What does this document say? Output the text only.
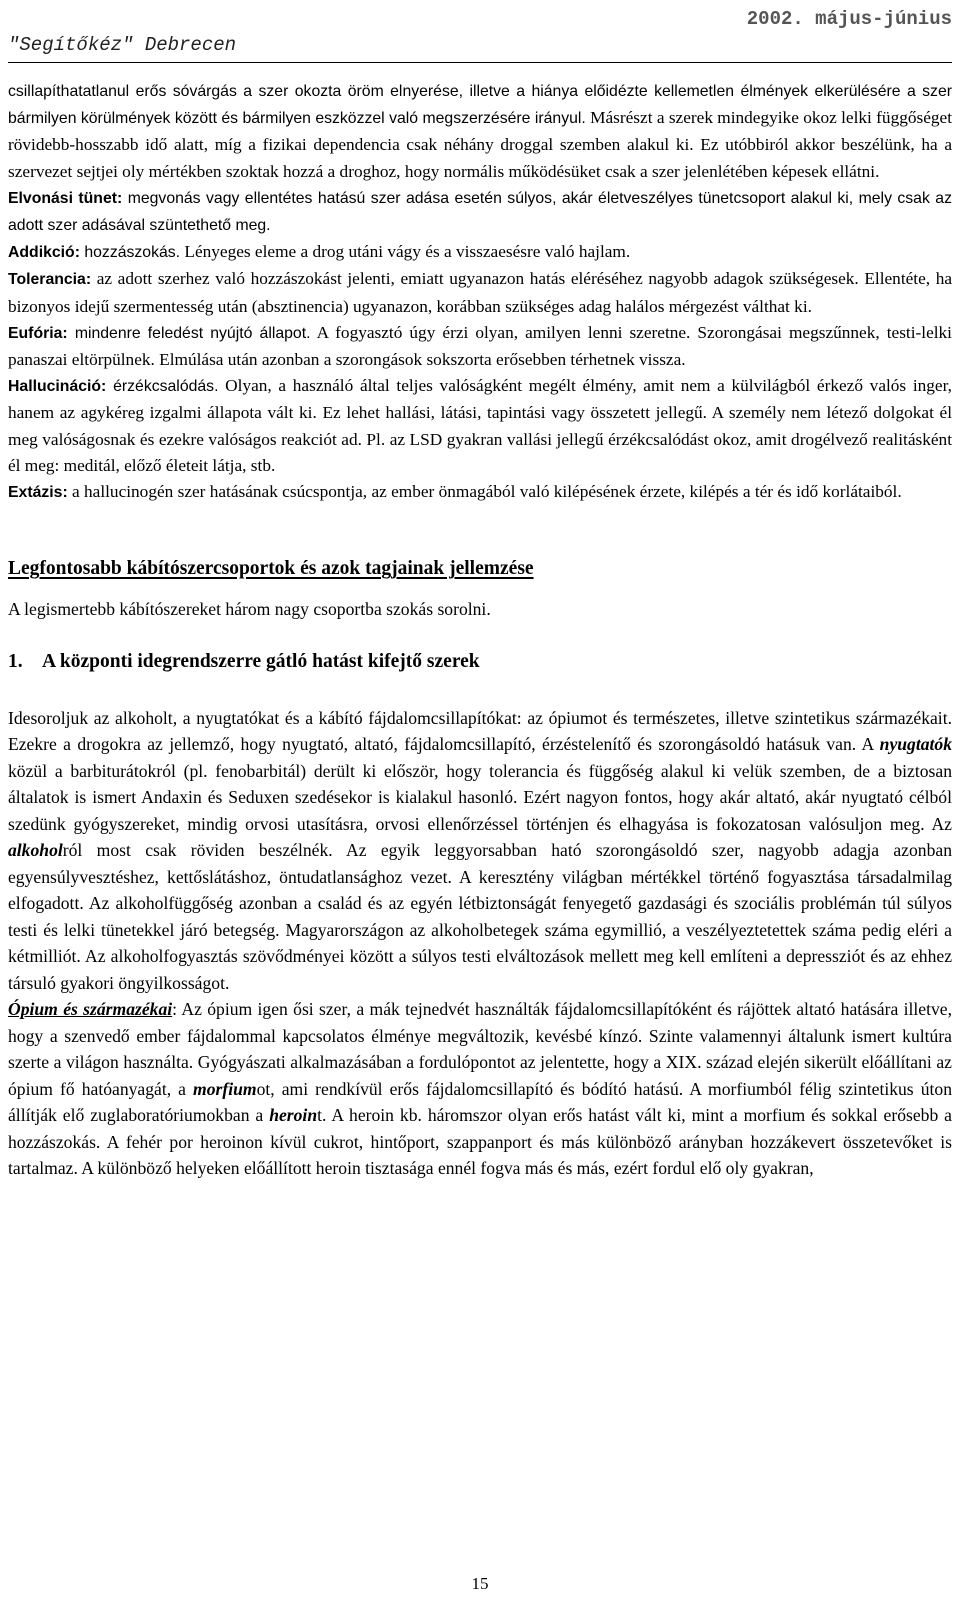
2002. május-június
"Segítőkéz" Debrecen

csillapíthatatlanul erős sóvárgás a szer okozta öröm elnyerése, illetve a hiánya előidézte kellemetlen élmények elkerülésére a szer bármilyen körülmények között és bármilyen eszközzel való megszerzésére irányul. Másrészt a szerek mindegyike okoz lelki függőséget rövidebb-hosszabb idő alatt, míg a fizikai dependencia csak néhány droggal szemben alakul ki. Ez utóbbiról akkor beszélünk, ha a szervezet sejtjei oly mértékben szoktak hozzá a droghoz, hogy normális működésüket csak a szer jelenlétében képesek ellátni.

Elvonási tünet: megvonás vagy ellentétes hatású szer adása esetén súlyos, akár életveszélyes tünetcsoport alakul ki, mely csak az adott szer adásával szüntethető meg.

Addikció: hozzászokás. Lényeges eleme a drog utáni vágy és a visszaesésre való hajlam.

Tolerancia: az adott szerhez való hozzászokást jelenti, emiatt ugyanazon hatás eléréséhez nagyobb adagok szükségesek. Ellentéte, ha bizonyos idejű szermentesség után (absztinencia) ugyanazon, korábban szükséges adag halálos mérgezést válthat ki.

Eufória: mindenre feledést nyújtó állapot. A fogyasztó úgy érzi olyan, amilyen lenni szeretne. Szorongásai megszűnnek, testi-lelki panaszai eltörpülnek. Elmúlása után azonban a szorongások sokszorta erősebben térhetnek vissza.

Hallucináció: érzékcsalódás. Olyan, a használó által teljes valóságként megélt élmény, amit nem a külvilágból érkező valós inger, hanem az agykéreg izgalmi állapota vált ki. Ez lehet hallási, látási, tapintási vagy összetett jellegű. A személy nem létező dolgokat él meg valóságosnak és ezekre valóságos reakciót ad. Pl. az LSD gyakran vallási jellegű érzékcsalódást okoz, amit drogélvező realitásként él meg: meditál, előző életeit látja, stb.

Extázis: a hallucinogén szer hatásának csúcspontja, az ember önmagából való kilépésének érzete, kilépés a tér és idő korlátaiból.

Legfontosabb kábítószercsoportok és azok tagjainak jellemzése

A legismertebb kábítószereket három nagy csoportba szokás sorolni.

1. A központi idegrendszerre gátló hatást kifejtő szerek

Idesoroljuk az alkoholt, a nyugtatókat és a kábító fájdalomcsillapítókat: az ópiumot és természetes, illetve szintetikus származékait. Ezekre a drogokra az jellemző, hogy nyugtató, altató, fájdalomcsillapító, érzéstelenítő és szorongásoldó hatásuk van. A nyugtatók közül a barbiturátokról (pl. fenobarbitál) derült ki először, hogy tolerancia és függőség alakul ki velük szemben, de a biztosan általatok is ismert Andaxin és Seduxen szedésekor is kialakul hasonló. Ezért nagyon fontos, hogy akár altató, akár nyugtató célból szedünk gyógyszereket, mindig orvosi utasításra, orvosi ellenőrzéssel történjen és elhagyása is fokozatosan valósuljon meg. Az alkoholról most csak röviden beszélnék. Az egyik leggyorsabban ható szorongásoldó szer, nagyobb adagja azonban egyensúlyvesztéshez, kettőslátáshoz, öntudatlansághoz vezet. A keresztény világban mértékkel történő fogyasztása társadalmilag elfogadott. Az alkoholfüggőség azonban a család és az egyén létbiztonságát fenyegető gazdasági és szociális problémán túl súlyos testi és lelki tünetekkel járó betegség. Magyarországon az alkoholbetegek száma egymillió, a veszélyeztetettek száma pedig eléri a kétmilliót. Az alkoholfogyasztás szövődményei között a súlyos testi elváltozások mellett meg kell említeni a depressziót és az ehhez társuló gyakori öngyilkosságot.

Ópium és származékai: Az ópium igen ősi szer, a mák tejnedvét használták fájdalomcsillapítóként és rájöttek altató hatására illetve, hogy a szenvedő ember fájdalommal kapcsolatos élménye megváltozik, kevésbé kínzó. Szinte valamennyi általunk ismert kultúra szerte a világon használta. Gyógyászati alkalmazásában a fordulópontot az jelentette, hogy a XIX. század elején sikerült előállítani az ópium fő hatóanyagát, a morfiumot, ami rendkívül erős fájdalomcsillapító és bódító hatású. A morfiumból félig szintetikus úton állítják elő zuglaboratóriumokban a heroint. A heroin kb. háromszor olyan erős hatást vált ki, mint a morfium és sokkal erősebb a hozzászokás. A fehér por heroinon kívül cukrot, hintőport, szappanport és más különböző arányban hozzákevert összetevőket is tartalmaz. A különböző helyeken előállított heroin tisztasága ennél fogva más és más, ezért fordul elő oly gyakran,

15
